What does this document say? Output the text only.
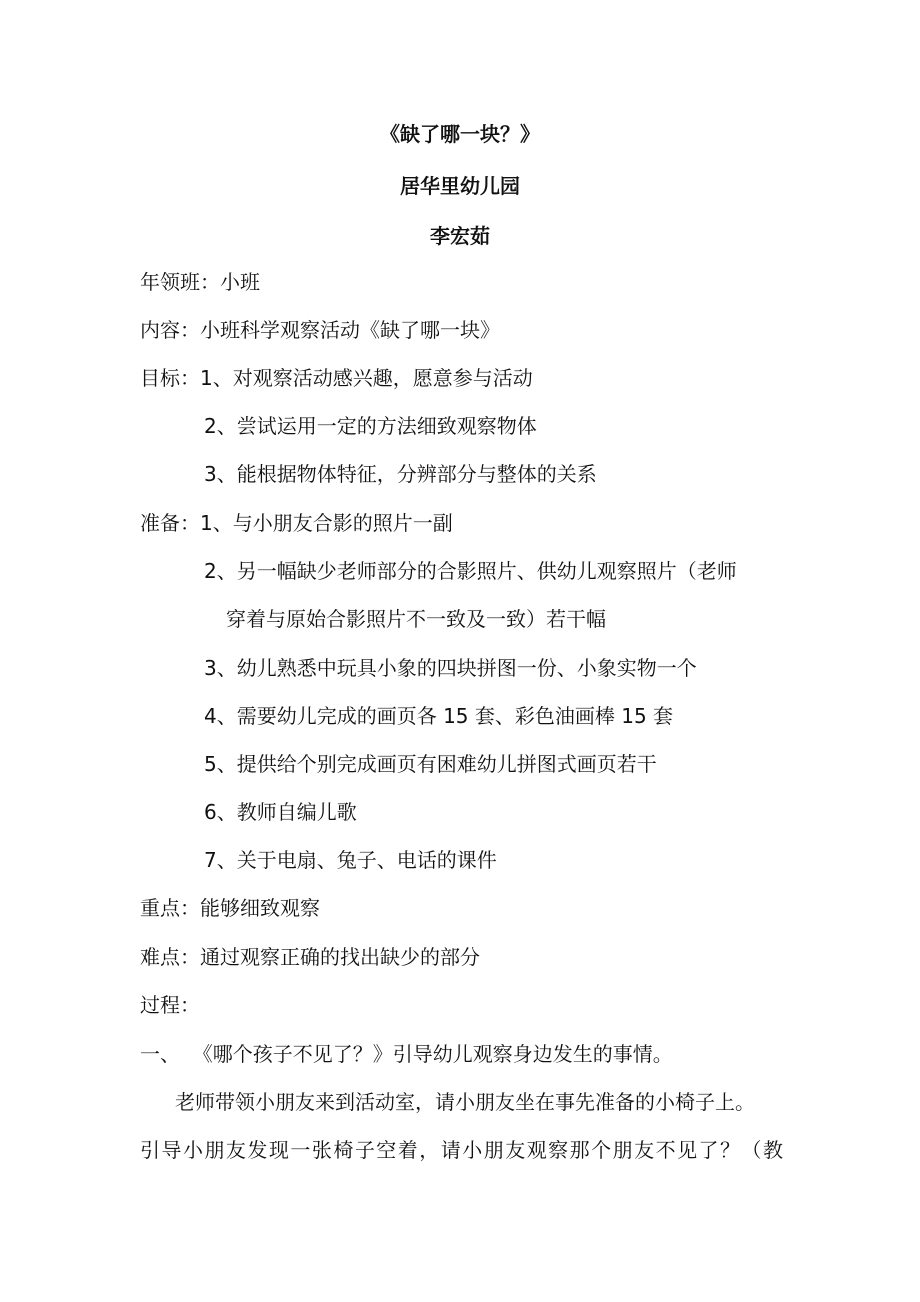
《缺了哪一块？》
居华里幼儿园
李宏茹
年领班：小班
内容：小班科学观察活动《缺了哪一块》
目标：1、对观察活动感兴趣，愿意参与活动
2、尝试运用一定的方法细致观察物体
3、能根据物体特征，分辨部分与整体的关系
准备：1、与小朋友合影的照片一副
2、另一幅缺少老师部分的合影照片、供幼儿观察照片（老师
穿着与原始合影照片不一致及一致）若干幅
3、幼儿熟悉中玩具小象的四块拼图一份、小象实物一个
4、需要幼儿完成的画页各 15 套、彩色油画棒 15 套
5、提供给个别完成画页有困难幼儿拼图式画页若干
6、教师自编儿歌
7、关于电扇、兔子、电话的课件
重点：能够细致观察
难点：通过观察正确的找出缺少的部分
过程：
一、  《哪个孩子不见了？》引导幼儿观察身边发生的事情。
老师带领小朋友来到活动室，请小朋友坐在事先准备的小椅子上。
引导小朋友发现一张椅子空着，请小朋友观察那个朋友不见了？（教
